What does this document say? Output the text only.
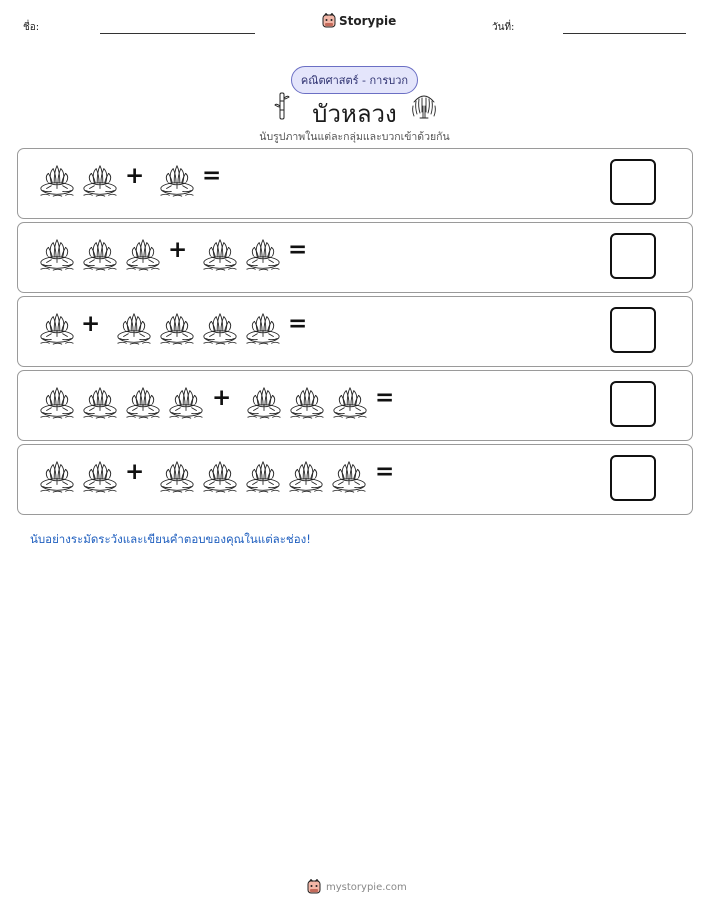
ชื่อ:	Storypie	วันที่:
คณิตศาสตร์ - การบวก
บัวหลวง
นับรูปภาพในแต่ละกลุ่มและบวกเข้าด้วยกัน
+	=
+	=
+	=
+	=
+	=
นับอย่างระมัดระวังและเขียนคำตอบของคุณในแต่ละช่อง!
mystorypie.com
